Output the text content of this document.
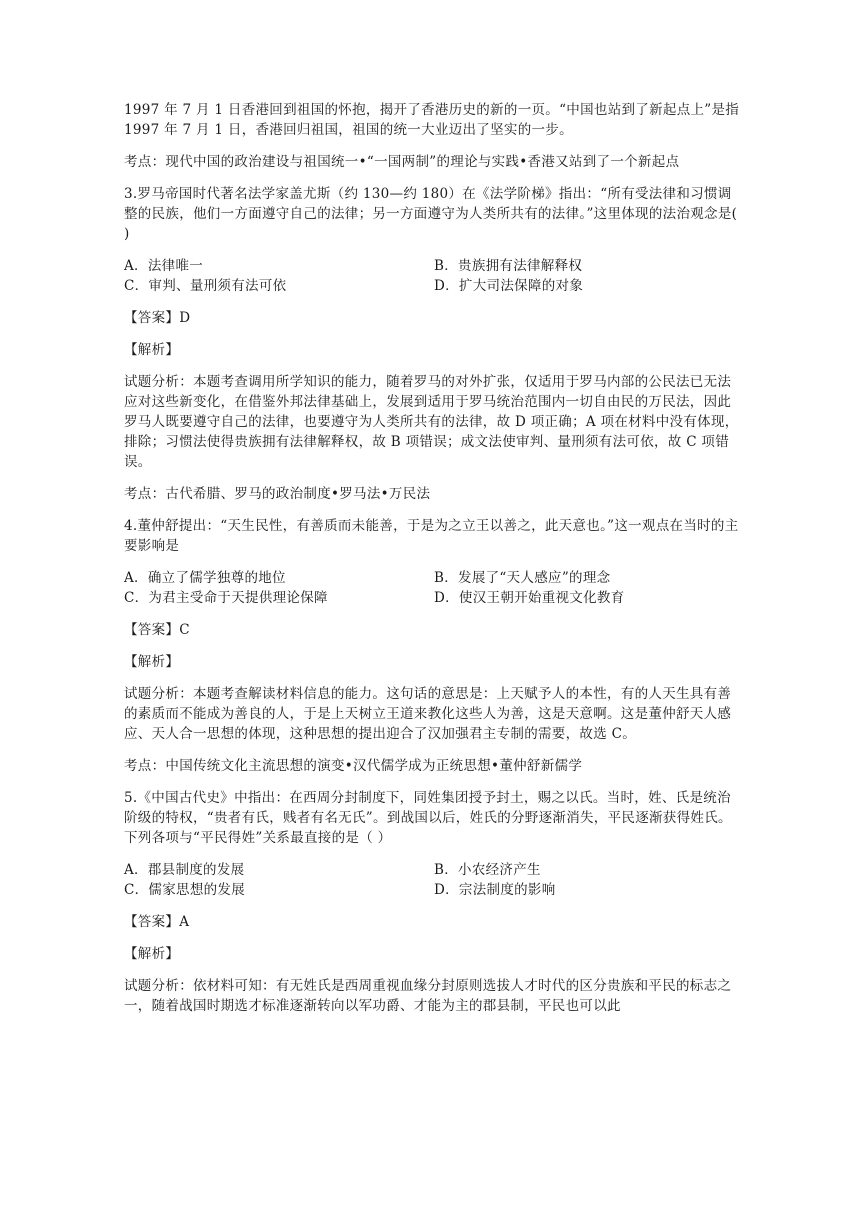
1997 年 7 月 1 日香港回到祖国的怀抱，揭开了香港历史的新的一页。“中国也站到了新起点上”是指 1997 年 7 月 1 日，香港回归祖国，祖国的统一大业迈出了坚实的一步。

考点：现代中国的政治建设与祖国统一•“一国两制”的理论与实践•香港又站到了一个新起点

3.罗马帝国时代著名法学家盖尤斯（约 130—约 180）在《法学阶梯》指出：“所有受法律和习惯调整的民族，他们一方面遵守自己的法律；另一方面遵守为人类所共有的法律。”这里体现的法治观念是( )

A．法律唯一	B．贵族拥有法律解释权
C．审判、量刑须有法可依	D．扩大司法保障的对象

【答案】D

【解析】

试题分析：本题考查调用所学知识的能力，随着罗马的对外扩张，仅适用于罗马内部的公民法已无法应对这些新变化，在借鉴外邦法律基础上，发展到适用于罗马统治范围内一切自由民的万民法，因此罗马人既要遵守自己的法律，也要遵守为人类所共有的法律，故 D 项正确；A 项在材料中没有体现，排除；习惯法使得贵族拥有法律解释权，故 B 项错误；成文法使审判、量刑须有法可依，故 C 项错误。

考点：古代希腊、罗马的政治制度•罗马法•万民法

4.董仲舒提出：“天生民性，有善质而未能善，于是为之立王以善之，此天意也。”这一观点在当时的主要影响是

A．确立了儒学独尊的地位	B．发展了“天人感应”的理念
C．为君主受命于天提供理论保障	D．使汉王朝开始重视文化教育

【答案】C

【解析】

试题分析：本题考查解读材料信息的能力。这句话的意思是：上天赋予人的本性，有的人天生具有善的素质而不能成为善良的人，于是上天树立王道来教化这些人为善，这是天意啊。这是董仲舒天人感应、天人合一思想的体现，这种思想的提出迎合了汉加强君主专制的需要，故选 C。

考点：中国传统文化主流思想的演变•汉代儒学成为正统思想•董仲舒新儒学

5.《中国古代史》中指出：在西周分封制度下，同姓集团授予封土，赐之以氏。当时，姓、氏是统治阶级的特权，“贵者有氏，贱者有名无氏”。到战国以后，姓氏的分野逐渐消失，平民逐渐获得姓氏。下列各项与“平民得姓”关系最直接的是（ ）

A．郡县制度的发展	B．小农经济产生
C．儒家思想的发展	D．宗法制度的影响

【答案】A

【解析】

试题分析：依材料可知：有无姓氏是西周重视血缘分封原则选拔人才时代的区分贵族和平民的标志之一，随着战国时期选才标准逐渐转向以军功爵、才能为主的郡县制，平民也可以此
